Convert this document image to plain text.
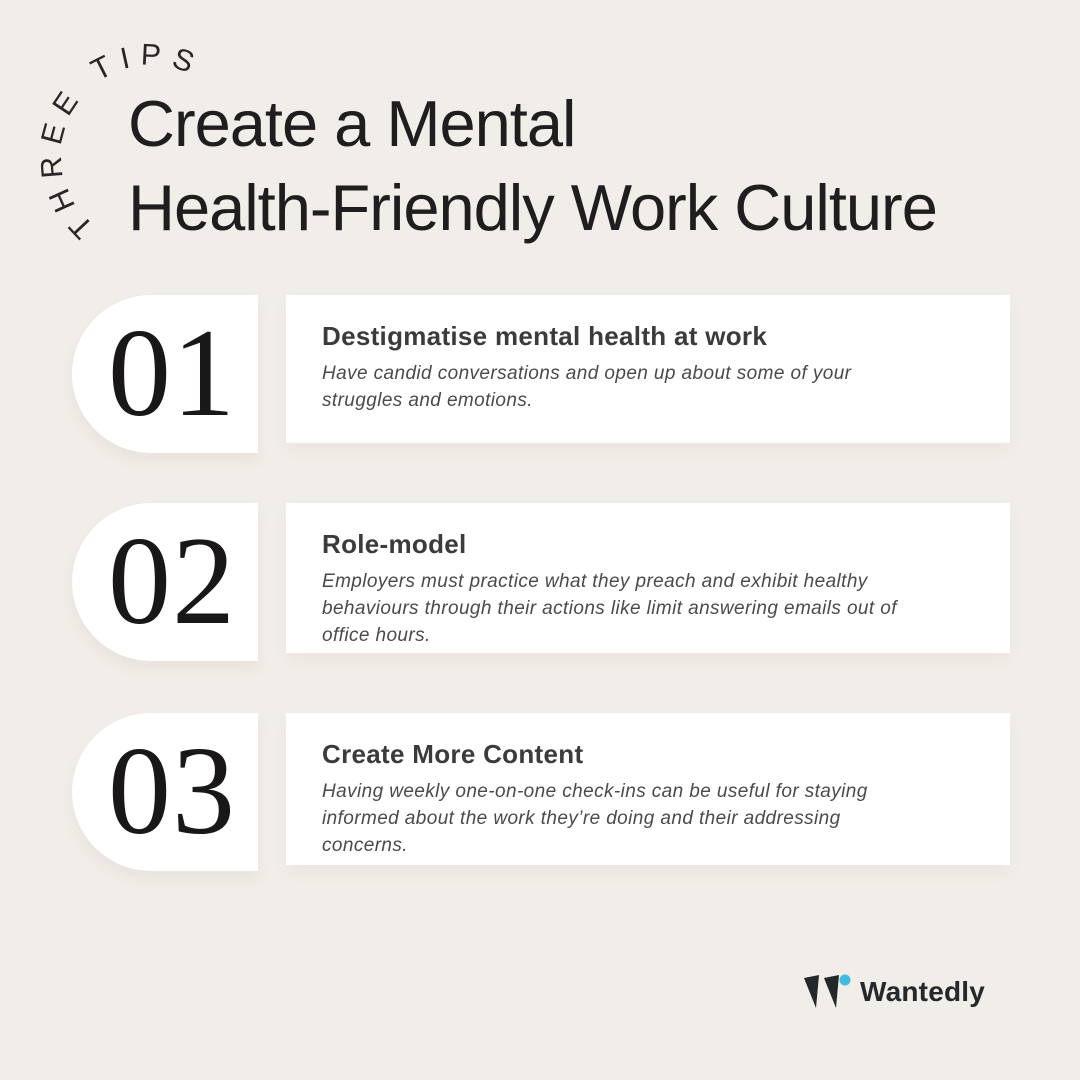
THREE TIPS
Create a Mental
Health-Friendly Work Culture
01	Destigmatise mental health at work

Have candid conversations and open up about some of your struggles and emotions.

02	Role-model

Employers must practice what they preach and exhibit healthy behaviours through their actions like limit answering emails out of office hours.

03	Create More Content

Having weekly one-on-one check-ins can be useful for staying informed about the work they’re doing and their addressing concerns.

Wantedly
